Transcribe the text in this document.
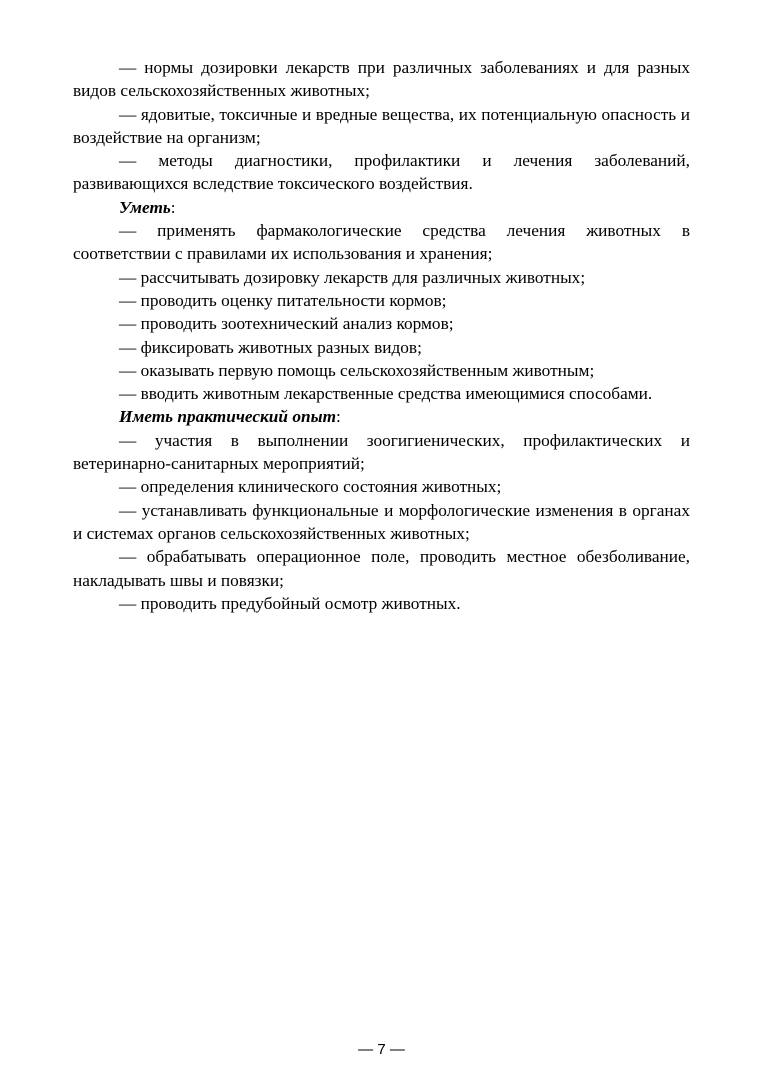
— нормы дозировки лекарств при различных заболеваниях и для разных видов сельскохозяйственных животных;

— ядовитые, токсичные и вредные вещества, их потенциальную опасность и воздействие на организм;

— методы диагностики, профилактики и лечения заболеваний, развивающихся вследствие токсического воздействия.

Уметь:

— применять фармакологические средства лечения животных в соответствии с правилами их использования и хранения;

— рассчитывать дозировку лекарств для различных животных;

— проводить оценку питательности кормов;

— проводить зоотехнический анализ кормов;

— фиксировать животных разных видов;

— оказывать первую помощь сельскохозяйственным животным;

— вводить животным лекарственные средства имеющимися способами.

Иметь практический опыт:

— участия в выполнении зоогигиенических, профилактических и ветеринарно-санитарных мероприятий;

— определения клинического состояния животных;

— устанавливать функциональные и морфологические изменения в органах и системах органов сельскохозяйственных животных;

— обрабатывать операционное поле, проводить местное обезболивание, накладывать швы и повязки;

— проводить предубойный осмотр животных.

— 7 —
